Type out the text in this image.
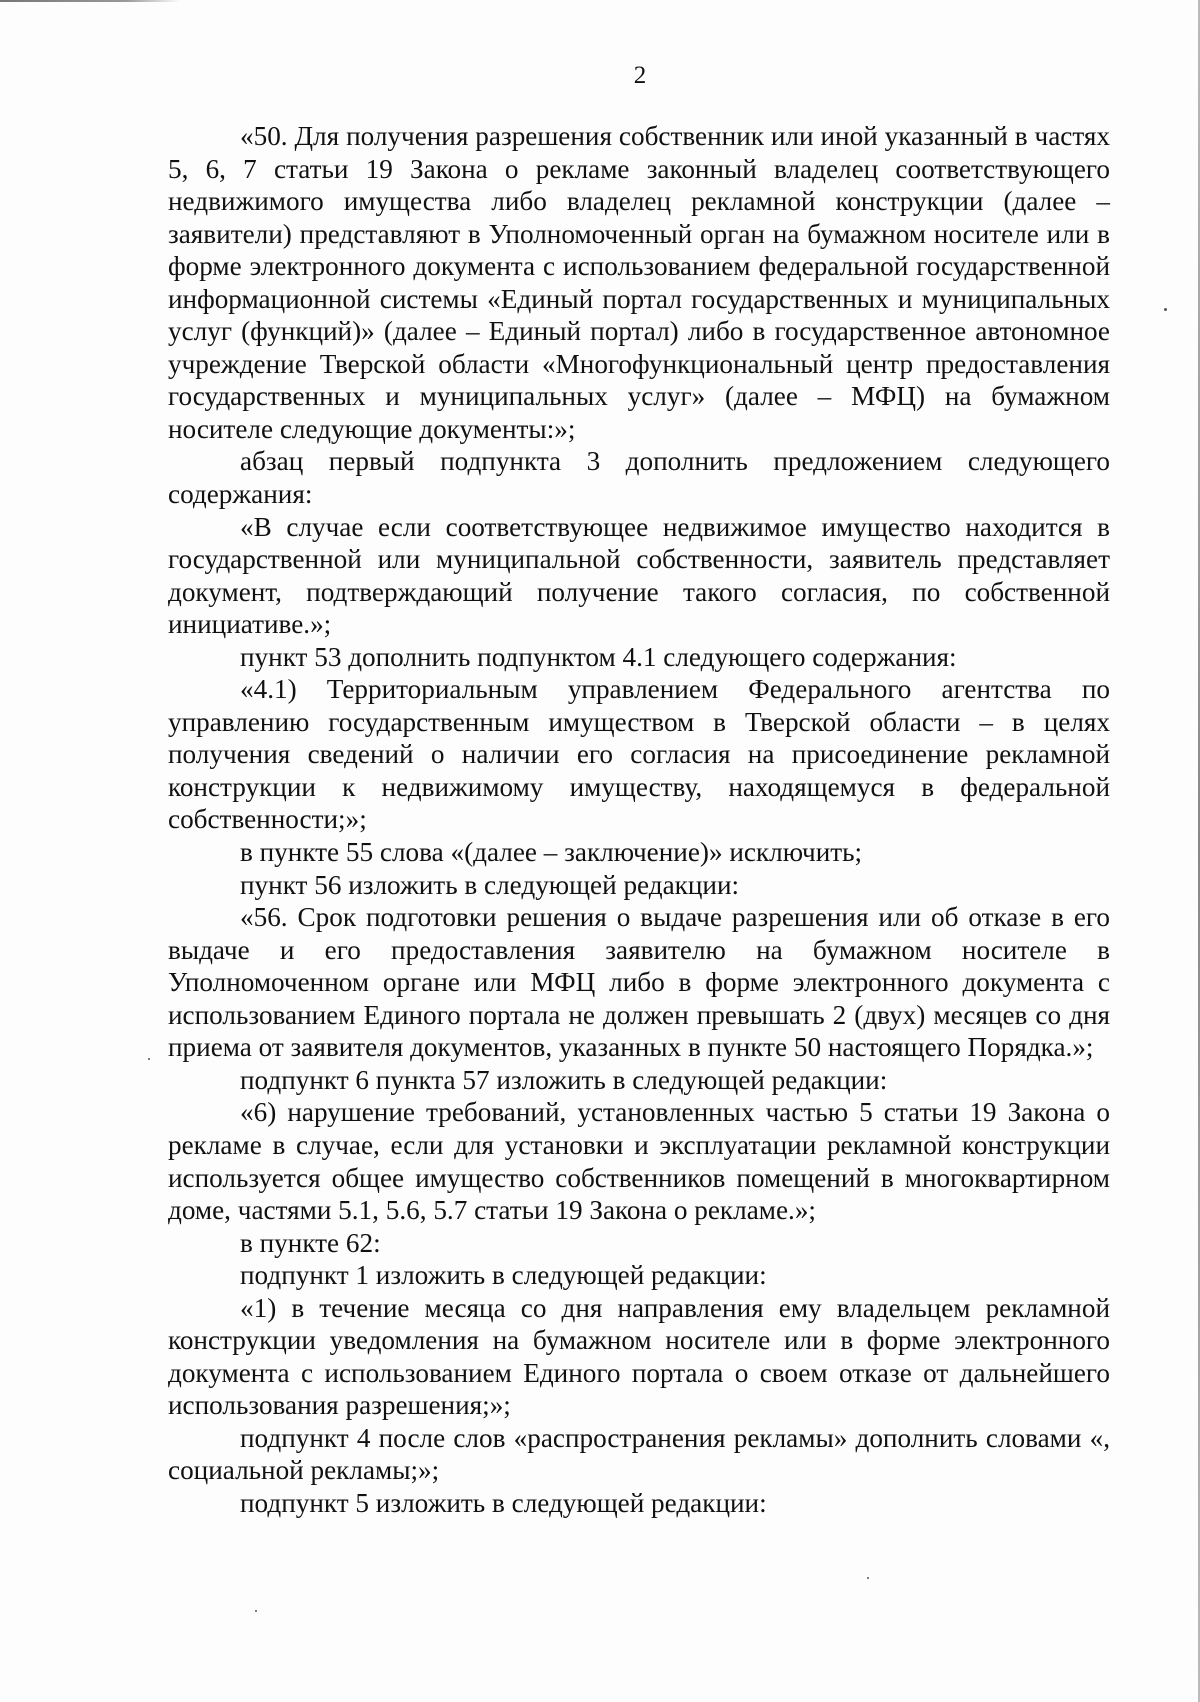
2

«50. Для получения разрешения собственник или иной указанный в частях 5, 6, 7 статьи 19 Закона о рекламе законный владелец соответствующего недвижимого имущества либо владелец рекламной конструкции (далее – заявители) представляют в Уполномоченный орган на бумажном носителе или в форме электронного документа с использованием федеральной государственной информационной системы «Единый портал государственных и муниципальных услуг (функций)» (далее – Единый портал) либо в государственное автономное учреждение Тверской области «Многофункциональный центр предоставления государственных и муниципальных услуг» (далее – МФЦ) на бумажном носителе следующие документы:»;

абзац первый подпункта 3 дополнить предложением следующего содержания:

«В случае если соответствующее недвижимое имущество находится в государственной или муниципальной собственности, заявитель представляет документ, подтверждающий получение такого согласия, по собственной инициативе.»;

пункт 53 дополнить подпунктом 4.1 следующего содержания:

«4.1) Территориальным управлением Федерального агентства по управлению государственным имуществом в Тверской области – в целях получения сведений о наличии его согласия на присоединение рекламной конструкции к недвижимому имуществу, находящемуся в федеральной собственности;»;

в пункте 55 слова «(далее – заключение)» исключить;

пункт 56 изложить в следующей редакции:

«56. Срок подготовки решения о выдаче разрешения или об отказе в его выдаче и его предоставления заявителю на бумажном носителе в Уполномоченном органе или МФЦ либо в форме электронного документа с использованием Единого портала не должен превышать 2 (двух) месяцев со дня приема от заявителя документов, указанных в пункте 50 настоящего Порядка.»;

подпункт 6 пункта 57 изложить в следующей редакции:

«6) нарушение требований, установленных частью 5 статьи 19 Закона о рекламе в случае, если для установки и эксплуатации рекламной конструкции используется общее имущество собственников помещений в многоквартирном доме, частями 5.1, 5.6, 5.7 статьи 19 Закона о рекламе.»;

в пункте 62:

подпункт 1 изложить в следующей редакции:

«1) в течение месяца со дня направления ему владельцем рекламной конструкции уведомления на бумажном носителе или в форме электронного документа с использованием Единого портала о своем отказе от дальнейшего использования разрешения;»;

подпункт 4 после слов «распространения рекламы» дополнить словами «, социальной рекламы;»;

подпункт 5 изложить в следующей редакции:
